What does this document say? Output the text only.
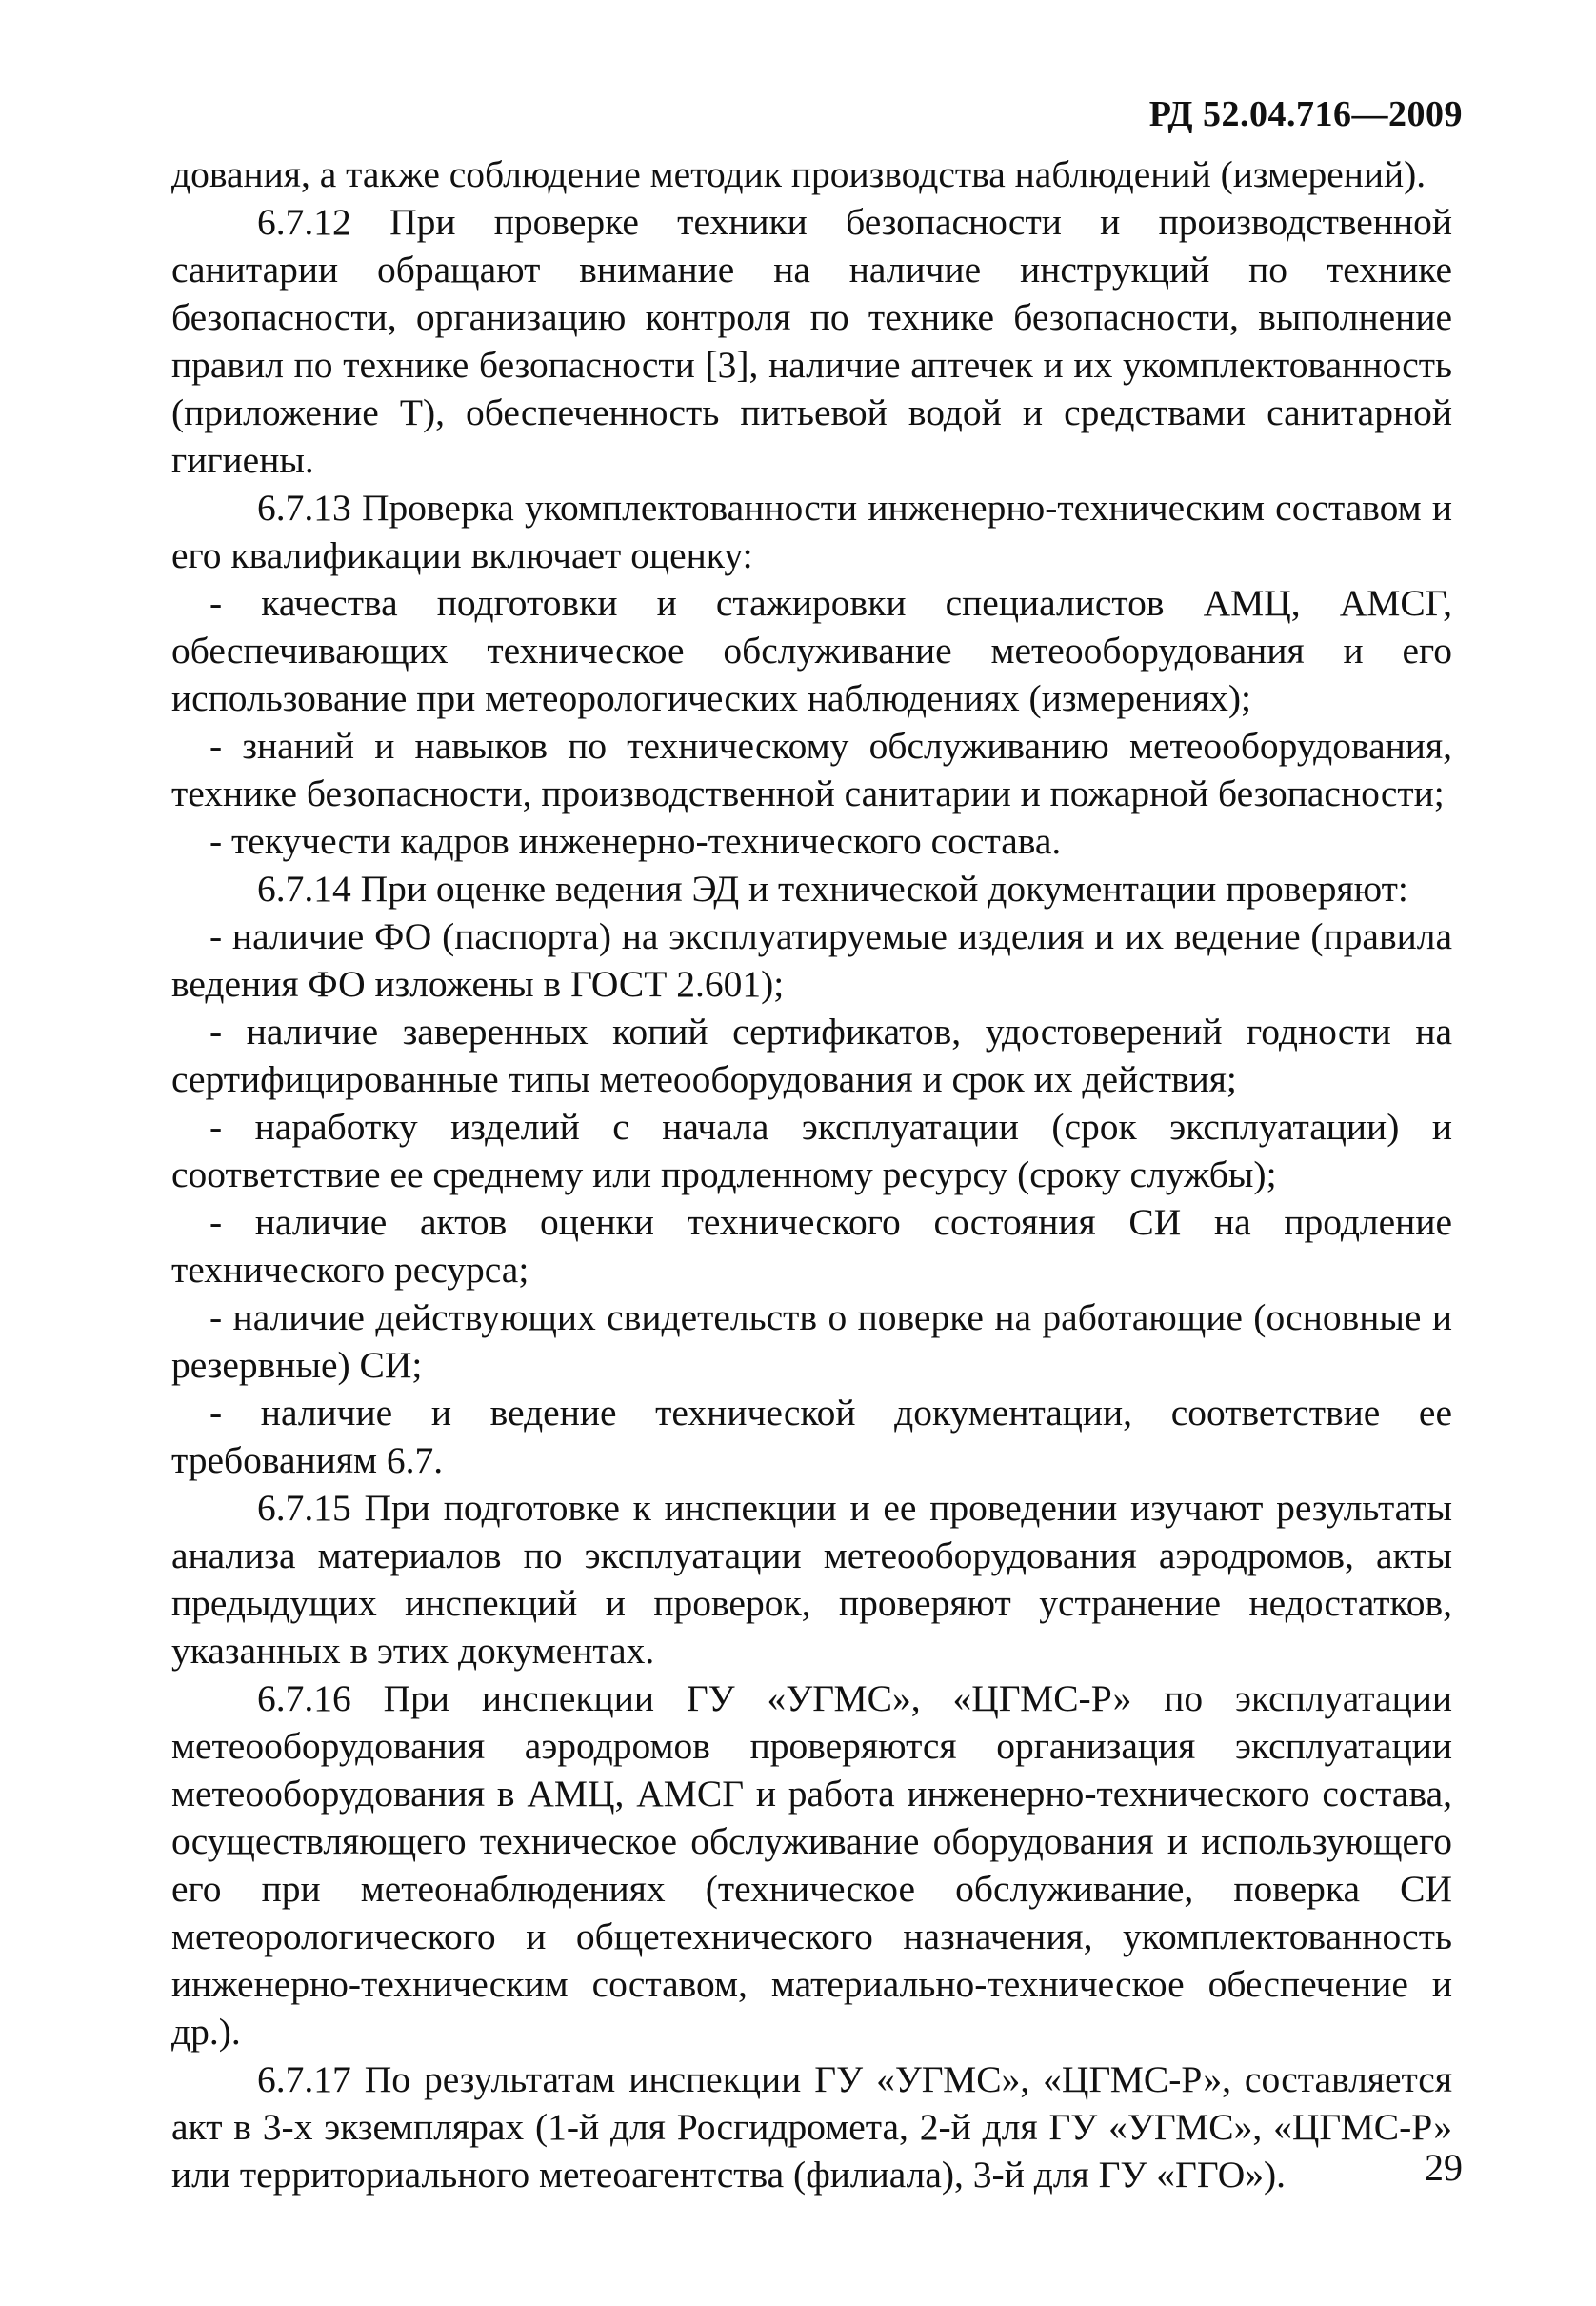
РД 52.04.716—2009

дования, а также соблюдение методик производства наблюдений (измерений).

6.7.12 При проверке техники безопасности и производственной санитарии обращают внимание на наличие инструкций по технике безопасности, организацию контроля по технике безопасности, выполнение правил по технике безопасности [3], наличие аптечек и их укомплектованность (приложение Т), обеспеченность питьевой водой и средствами санитарной гигиены.

6.7.13 Проверка укомплектованности инженерно-техническим составом и его квалификации включает оценку:

- качества подготовки и стажировки специалистов АМЦ, АМСГ, обеспечивающих техническое обслуживание метеооборудования и его использование при метеорологических наблюдениях (измерениях);

- знаний и навыков по техническому обслуживанию метеооборудования, технике безопасности, производственной санитарии и пожарной безопасности;

- текучести кадров инженерно-технического состава.

6.7.14 При оценке ведения ЭД и технической документации проверяют:

- наличие ФО (паспорта) на эксплуатируемые изделия и их ведение (правила ведения ФО изложены в ГОСТ 2.601);

- наличие заверенных копий сертификатов, удостоверений годности на сертифицированные типы метеооборудования и срок их действия;

- наработку изделий с начала эксплуатации (срок эксплуатации) и соответствие ее среднему или продленному ресурсу (сроку службы);

- наличие актов оценки технического состояния СИ на продление технического ресурса;

- наличие действующих свидетельств о поверке на работающие (основные и резервные) СИ;

- наличие и ведение технической документации, соответствие ее требованиям 6.7.

6.7.15 При подготовке к инспекции и ее проведении изучают результаты анализа материалов по эксплуатации метеооборудования аэродромов, акты предыдущих инспекций и проверок, проверяют устранение недостатков, указанных в этих документах.

6.7.16 При инспекции ГУ «УГМС», «ЦГМС-Р» по эксплуатации метеооборудования аэродромов проверяются организация эксплуатации метеооборудования в АМЦ, АМСГ и работа инженерно-технического состава, осуществляющего техническое обслуживание оборудования и использующего его при метеонаблюдениях (техническое обслуживание, поверка СИ метеорологического и общетехнического назначения, укомплектованность инженерно-техническим составом, материально-техническое обеспечение и др.).

6.7.17 По результатам инспекции ГУ «УГМС», «ЦГМС-Р», составляется акт в 3-х экземплярах (1-й для Росгидромета, 2-й для ГУ «УГМС», «ЦГМС-Р» или территориального метеоагентства (филиала), 3-й для ГУ «ГГО»).	29
